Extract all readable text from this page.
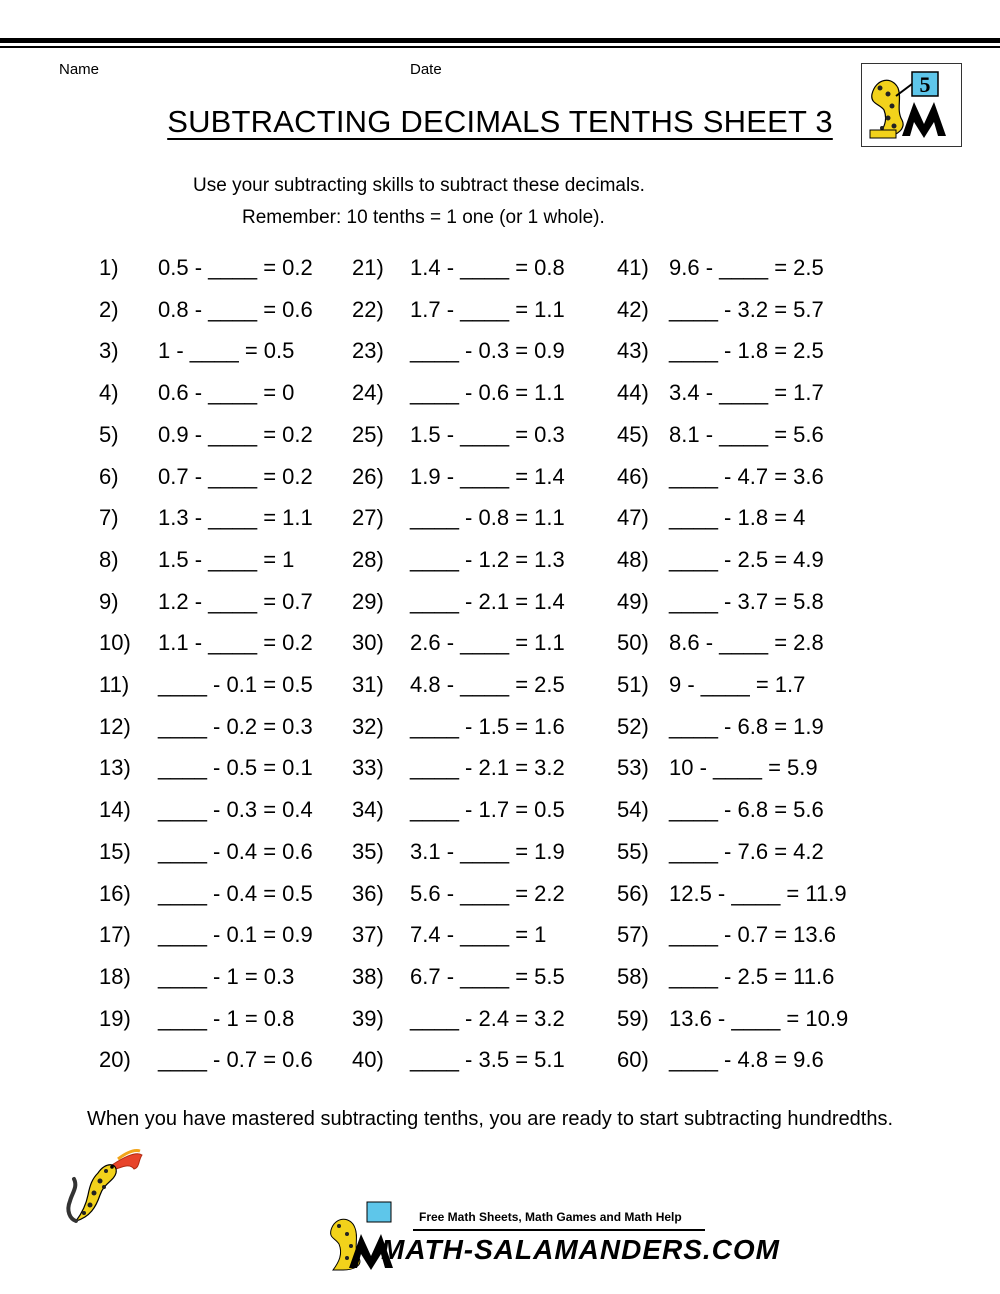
Name	Date
SUBTRACTING DECIMALS TENTHS SHEET 3
5
Use your subtracting skills to subtract these decimals.
Remember: 10 tenths = 1 one (or 1 whole).
1) 0.5 - ____ = 0.2
2) 0.8 - ____ = 0.6
3) 1 - ____ = 0.5
4) 0.6 - ____ = 0
5) 0.9 - ____ = 0.2
6) 0.7 - ____ = 0.2
7) 1.3 - ____ = 1.1
8) 1.5 - ____ = 1
9) 1.2 - ____ = 0.7
10) 1.1 - ____ = 0.2
11) ____ - 0.1 = 0.5
12) ____ - 0.2 = 0.3
13) ____ - 0.5 = 0.1
14) ____ - 0.3 = 0.4
15) ____ - 0.4 = 0.6
16) ____ - 0.4 = 0.5
17) ____ - 0.1 = 0.9
18) ____ - 1 = 0.3
19) ____ - 1 = 0.8
20) ____ - 0.7 = 0.6
21) 1.4 - ____ = 0.8
22) 1.7 - ____ = 1.1
23) ____ - 0.3 = 0.9
24) ____ - 0.6 = 1.1
25) 1.5 - ____ = 0.3
26) 1.9 - ____ = 1.4
27) ____ - 0.8 = 1.1
28) ____ - 1.2 = 1.3
29) ____ - 2.1 = 1.4
30) 2.6 - ____ = 1.1
31) 4.8 - ____ = 2.5
32) ____ - 1.5 = 1.6
33) ____ - 2.1 = 3.2
34) ____ - 1.7 = 0.5
35) 3.1 - ____ = 1.9
36) 5.6 - ____ = 2.2
37) 7.4 - ____ = 1
38) 6.7 - ____ = 5.5
39) ____ - 2.4 = 3.2
40) ____ - 3.5 = 5.1
41) 9.6 - ____ = 2.5
42) ____ - 3.2 = 5.7
43) ____ - 1.8 = 2.5
44) 3.4 - ____ = 1.7
45) 8.1 - ____ = 5.6
46) ____ - 4.7 = 3.6
47) ____ - 1.8 = 4
48) ____ - 2.5 = 4.9
49) ____ - 3.7 = 5.8
50) 8.6 - ____ = 2.8
51) 9 - ____ = 1.7
52) ____ - 6.8 = 1.9
53) 10 - ____ = 5.9
54) ____ - 6.8 = 5.6
55) ____ - 7.6 = 4.2
56) 12.5 - ____ = 11.9
57) ____ - 0.7 = 13.6
58) ____ - 2.5 = 11.6
59) 13.6 - ____ = 10.9
60) ____ - 4.8 = 9.6
When you have mastered subtracting tenths, you are ready to start subtracting hundredths.
Free Math Sheets, Math Games and Math Help
MATH-SALAMANDERS.COM
